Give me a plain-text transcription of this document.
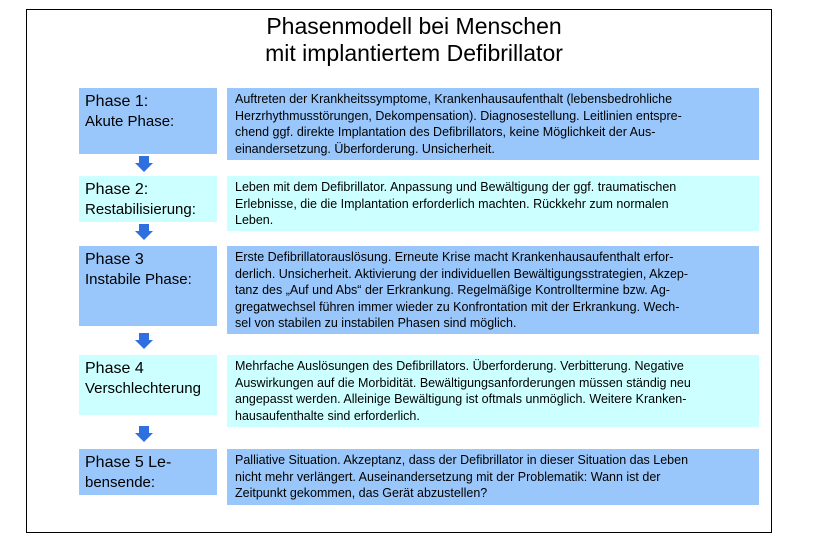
Phasenmodell bei Menschen
mit implantiertem Defibrillator
Phase 1:
Akute Phase:
Auftreten der Krankheitssymptome, Krankenhausaufenthalt (lebensbedrohliche
Herzrhythmusstörungen, Dekompensation). Diagnosestellung. Leitlinien entspre-
chend ggf. direkte Implantation des Defibrillators, keine Möglichkeit der Aus-
einandersetzung. Überforderung. Unsicherheit.
Phase 2:
Restabilisierung:
Leben mit dem Defibrillator. Anpassung und Bewältigung der ggf. traumatischen
Erlebnisse, die die Implantation erforderlich machten. Rückkehr zum normalen
Leben.
Phase 3
Instabile Phase:
Erste Defibrillatorauslösung. Erneute Krise macht Krankenhausaufenthalt erfor-
derlich. Unsicherheit. Aktivierung der individuellen Bewältigungsstrategien, Akzep-
tanz des „Auf und Abs“ der Erkrankung. Regelmäßige Kontrolltermine bzw. Ag-
gregatwechsel führen immer wieder zu Konfrontation mit der Erkrankung. Wech-
sel von stabilen zu instabilen Phasen sind möglich.
Phase 4
Verschlechterung
Mehrfache Auslösungen des Defibrillators. Überforderung. Verbitterung. Negative
Auswirkungen auf die Morbidität. Bewältigungsanforderungen müssen ständig neu
angepasst werden. Alleinige Bewältigung ist oftmals unmöglich. Weitere Kranken-
hausaufenthalte sind erforderlich.
Phase 5 Le-
bensende:
Palliative Situation. Akzeptanz, dass der Defibrillator in dieser Situation das Leben
nicht mehr verlängert. Auseinandersetzung mit der Problematik: Wann ist der
Zeitpunkt gekommen, das Gerät abzustellen?
